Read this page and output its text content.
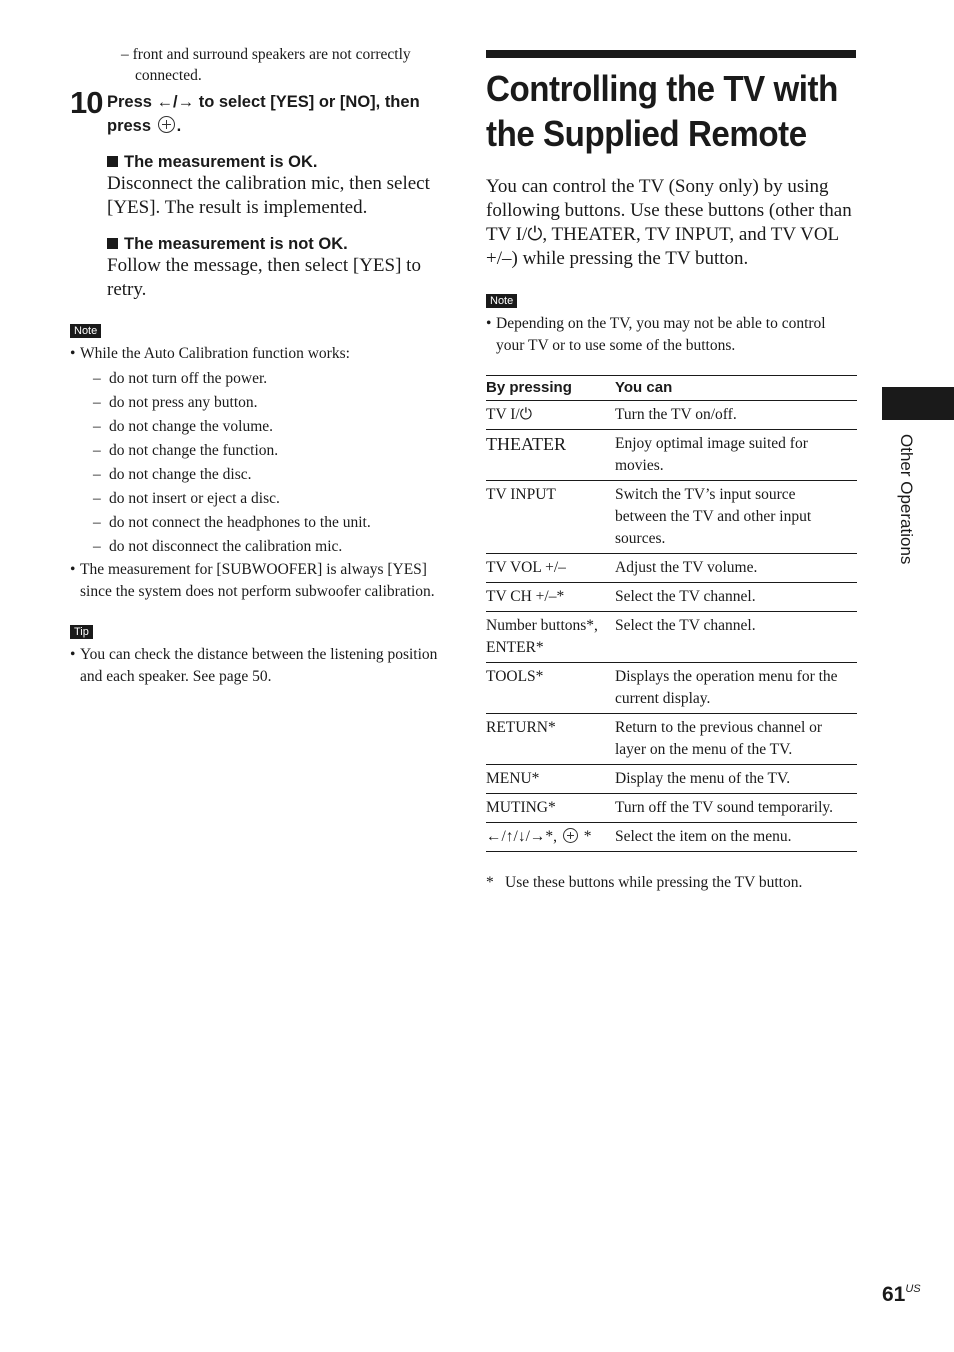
– front and surround speakers are not correctly connected.

10 Press ←/→ to select [YES] or [NO], then
press .
The measurement is OK.
Disconnect the calibration mic, then select [YES]. The result is implemented.
The measurement is not OK.
Follow the message, then select [YES] to retry.
Note
• While the Auto Calibration function works:
– do not turn off the power.
– do not press any button.
– do not change the volume.
– do not change the function.
– do not change the disc.
– do not insert or eject a disc.
– do not connect the headphones to the unit.
– do not disconnect the calibration mic.
• The measurement for [SUBWOOFER] is always [YES] since the system does not perform subwoofer calibration.
Tip
• You can check the distance between the listening position and each speaker. See page 50.
Controlling the TV with the Supplied Remote
You can control the TV (Sony only) by using following buttons. Use these buttons (other than TV I/⏻, THEATER, TV INPUT, and TV VOL +/–) while pressing the TV button.
Note
• Depending on the TV, you may not be able to control your TV or to use some of the buttons.
By pressing	You can
TV I/⏻	Turn the TV on/off.
THEATER	Enjoy optimal image suited for movies.
TV INPUT	Switch the TV’s input source between the TV and other input sources.
TV VOL +/–	Adjust the TV volume.
TV CH +/–*	Select the TV channel.
Number buttons*, ENTER*	Select the TV channel.
TOOLS*	Displays the operation menu for the current display.
RETURN*	Return to the previous channel or layer on the menu of the TV.
MENU*	Display the menu of the TV.
MUTING*	Turn off the TV sound temporarily.
←/↑/↓/→*, *	Select the item on the menu.
* Use these buttons while pressing the TV button.
Other Operations
$61^{US}$
